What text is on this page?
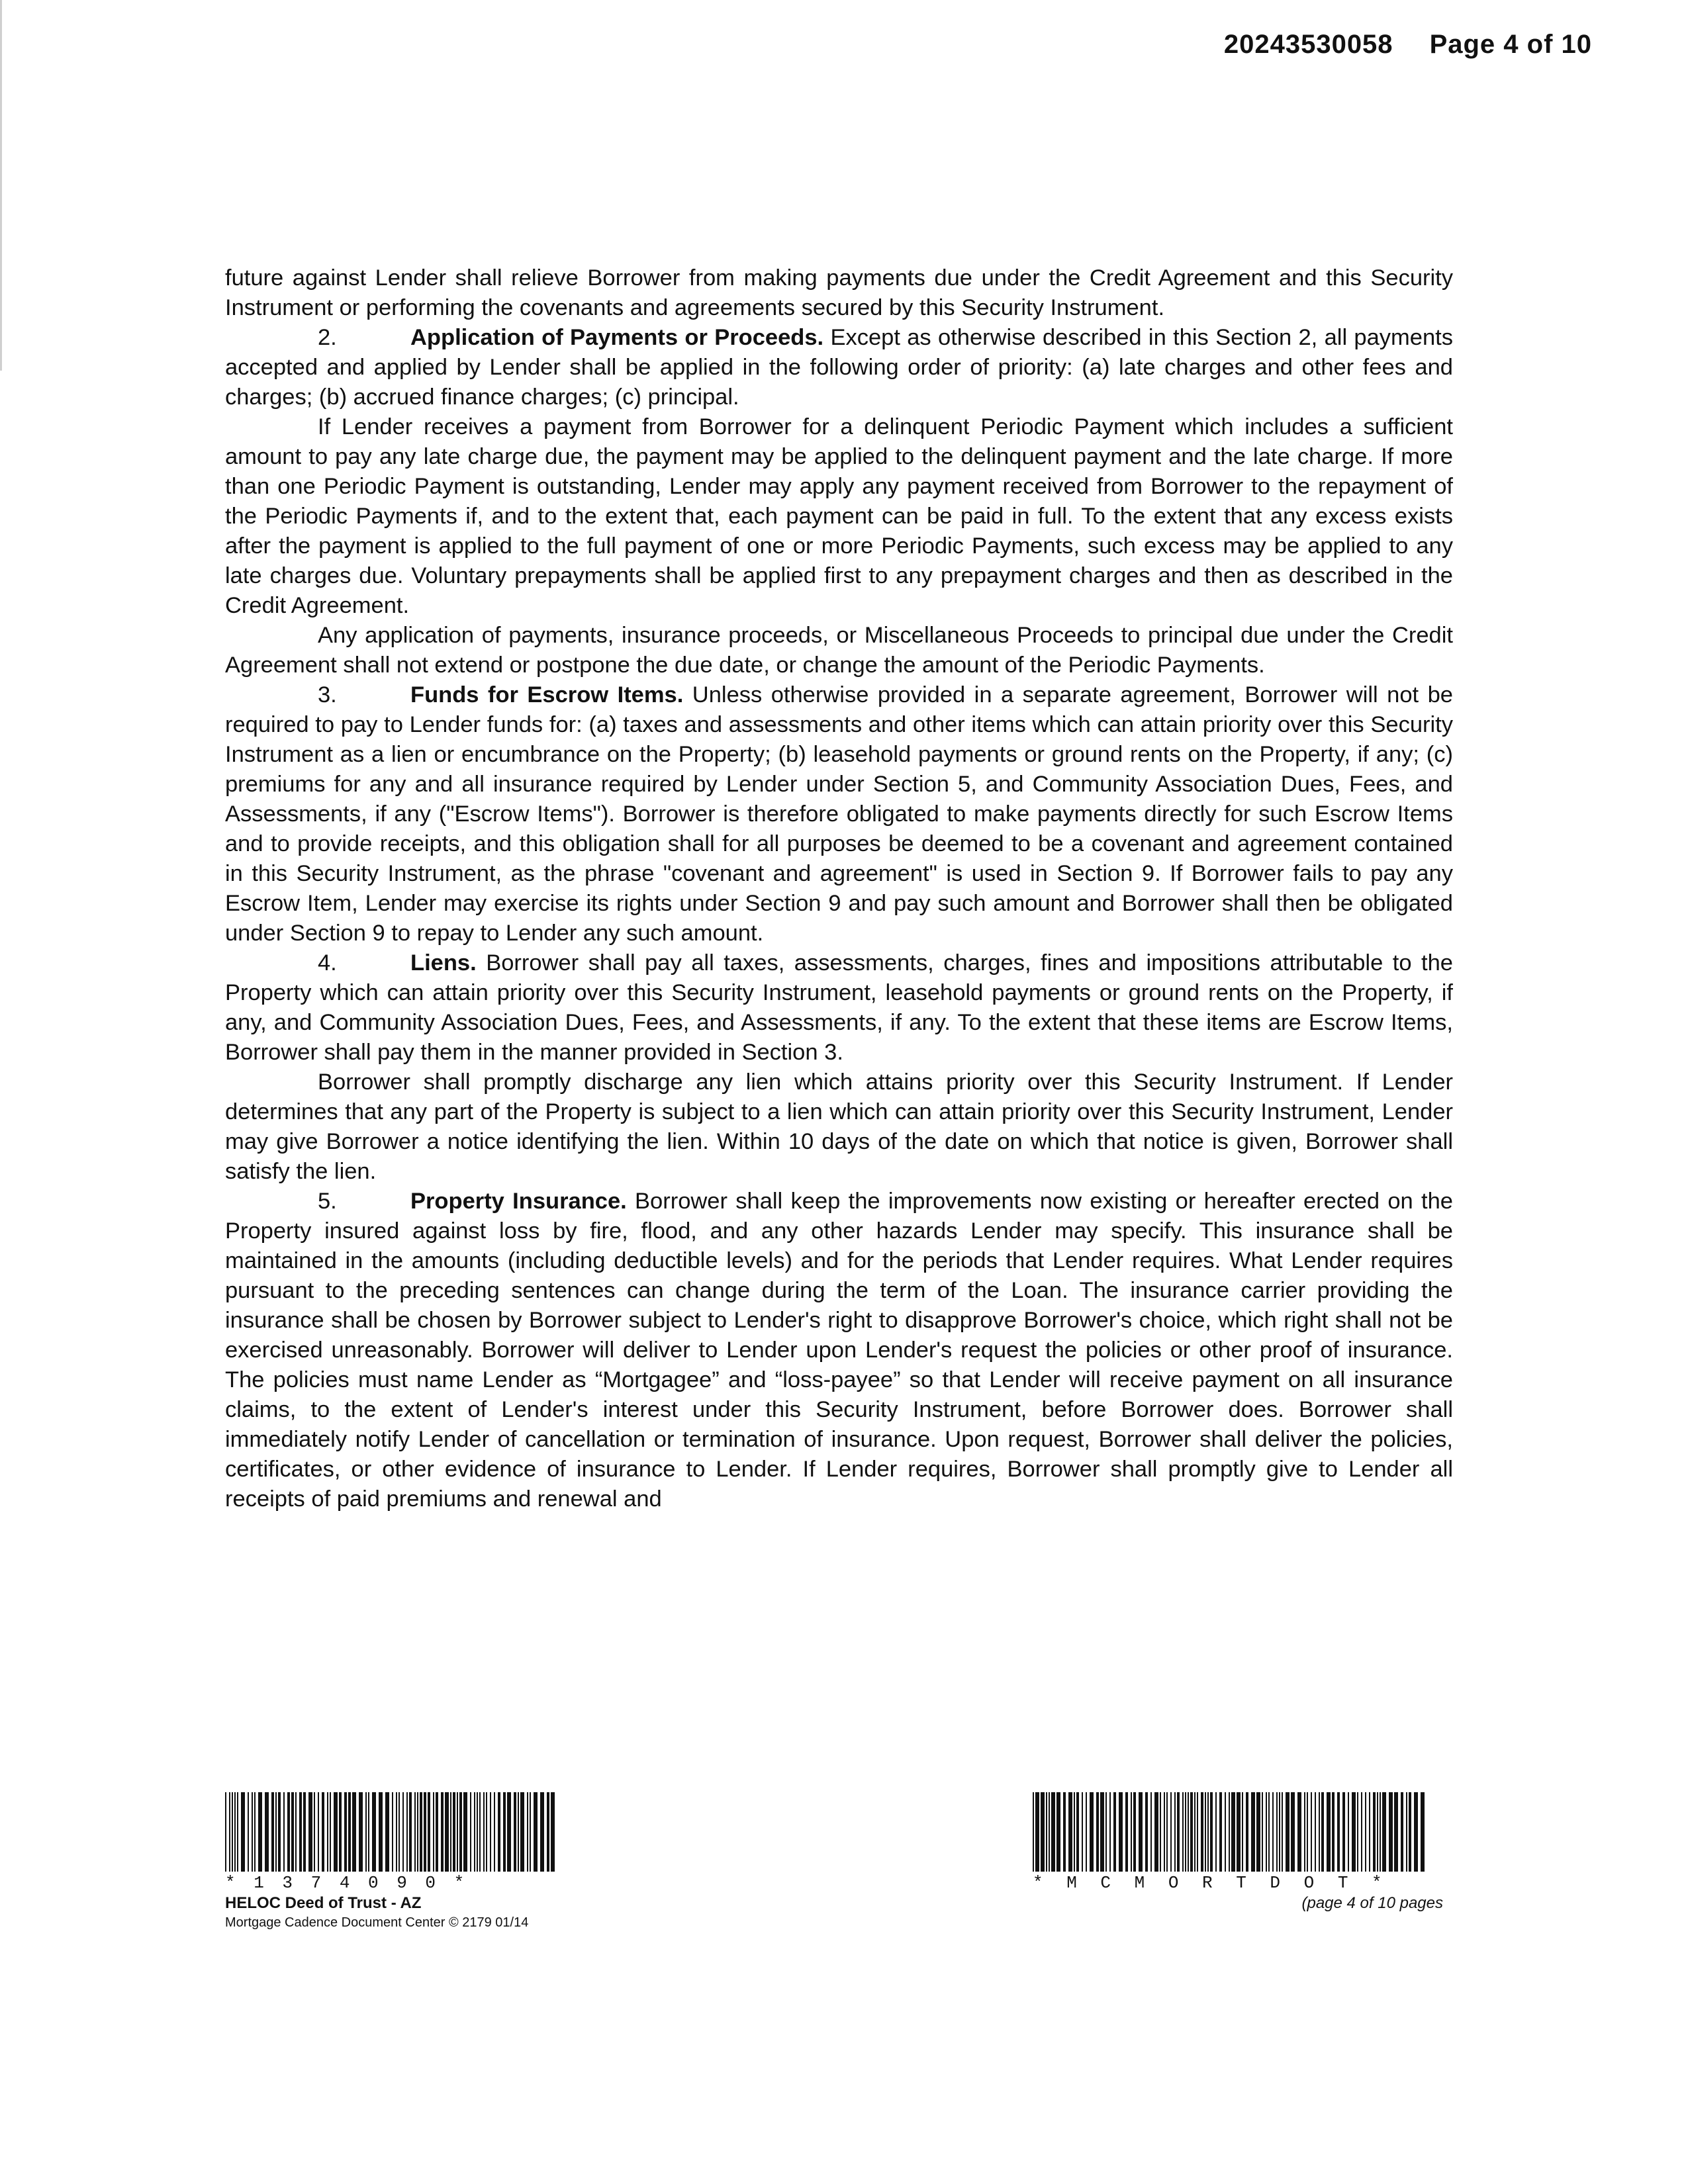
20243530058 Page 4 of 10

future against Lender shall relieve Borrower from making payments due under the Credit Agreement and this Security Instrument or performing the covenants and agreements secured by this Security Instrument.

2.	Application of Payments or Proceeds. Except as otherwise described in this Section 2, all payments accepted and applied by Lender shall be applied in the following order of priority: (a) late charges and other fees and charges; (b) accrued finance charges; (c) principal.

If Lender receives a payment from Borrower for a delinquent Periodic Payment which includes a sufficient amount to pay any late charge due, the payment may be applied to the delinquent payment and the late charge. If more than one Periodic Payment is outstanding, Lender may apply any payment received from Borrower to the repayment of the Periodic Payments if, and to the extent that, each payment can be paid in full. To the extent that any excess exists after the payment is applied to the full payment of one or more Periodic Payments, such excess may be applied to any late charges due. Voluntary prepayments shall be applied first to any prepayment charges and then as described in the Credit Agreement.

Any application of payments, insurance proceeds, or Miscellaneous Proceeds to principal due under the Credit Agreement shall not extend or postpone the due date, or change the amount of the Periodic Payments.

3.	Funds for Escrow Items. Unless otherwise provided in a separate agreement, Borrower will not be required to pay to Lender funds for: (a) taxes and assessments and other items which can attain priority over this Security Instrument as a lien or encumbrance on the Property; (b) leasehold payments or ground rents on the Property, if any; (c) premiums for any and all insurance required by Lender under Section 5, and Community Association Dues, Fees, and Assessments, if any ("Escrow Items"). Borrower is therefore obligated to make payments directly for such Escrow Items and to provide receipts, and this obligation shall for all purposes be deemed to be a covenant and agreement contained in this Security Instrument, as the phrase "covenant and agreement" is used in Section 9. If Borrower fails to pay any Escrow Item, Lender may exercise its rights under Section 9 and pay such amount and Borrower shall then be obligated under Section 9 to repay to Lender any such amount.

4.	Liens. Borrower shall pay all taxes, assessments, charges, fines and impositions attributable to the Property which can attain priority over this Security Instrument, leasehold payments or ground rents on the Property, if any, and Community Association Dues, Fees, and Assessments, if any. To the extent that these items are Escrow Items, Borrower shall pay them in the manner provided in Section 3.

Borrower shall promptly discharge any lien which attains priority over this Security Instrument. If Lender determines that any part of the Property is subject to a lien which can attain priority over this Security Instrument, Lender may give Borrower a notice identifying the lien. Within 10 days of the date on which that notice is given, Borrower shall satisfy the lien.

5.	Property Insurance. Borrower shall keep the improvements now existing or hereafter erected on the Property insured against loss by fire, flood, and any other hazards Lender may specify. This insurance shall be maintained in the amounts (including deductible levels) and for the periods that Lender requires. What Lender requires pursuant to the preceding sentences can change during the term of the Loan. The insurance carrier providing the insurance shall be chosen by Borrower subject to Lender's right to disapprove Borrower's choice, which right shall not be exercised unreasonably. Borrower will deliver to Lender upon Lender's request the policies or other proof of insurance. The policies must name Lender as “Mortgagee” and “loss-payee” so that Lender will receive payment on all insurance claims, to the extent of Lender's interest under this Security Instrument, before Borrower does. Borrower shall immediately notify Lender of cancellation or termination of insurance. Upon request, Borrower shall deliver the policies, certificates, or other evidence of insurance to Lender. If Lender requires, Borrower shall promptly give to Lender all receipts of paid premiums and renewal and

* 1 3 7 4 0 9 0 *
HELOC Deed of Trust - AZ
Mortgage Cadence Document Center © 2179 01/14
* M C M O R T D O T *
(page 4 of 10 pages
